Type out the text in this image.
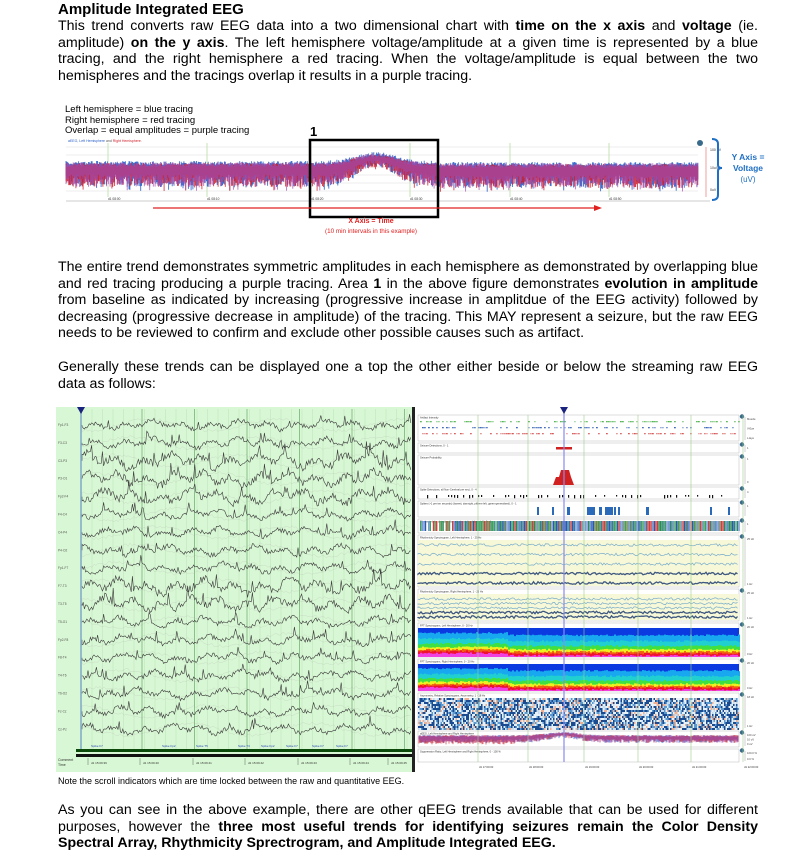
Amplitude Integrated EEG
This trend converts raw EEG data into a two dimensional chart with time on the x axis and voltage (ie. amplitude) on the y axis. The left hemisphere voltage/amplitude at a given time is represented by a blue tracing, and the right hemisphere a red tracing. When the voltage/amplitude is equal between the two hemispheres and the tracings overlap it results in a purple tracing.
Left hemisphere = blue tracing
Right hemisphere = red tracing
Overlap = equal amplitudes = purple tracing
aEEG, Left Hemisphere and Right Hemisphere.
d1 08:00	d1 08:10	d1 08:20	d1 08:30	d1 08:40	d1 08:50
1
100 uV
10uV
0uV
Y Axis =
Voltage
(uV)
X Axis = Time
(10 min intervals in this example)
The entire trend demonstrates symmetric amplitudes in each hemisphere as demonstrated by overlapping blue and red tracing producing a purple tracing. Area 1 in the above figure demonstrates evolution in amplitude from baseline as indicated by increasing (progressive increase in amplitdue of the EEG activity) followed by decreasing (progressive decrease in amplitude) of the tracing. This MAY represent a seizure, but the raw EEG needs to be reviewed to confirm and exclude other possible causes such as artifact.
Generally these trends can be displayed one a top the other either beside or below the streaming raw EEG data as follows:
Fp1-F3
F3-C3
C3-P3
P3-O1
Fp2-F4
F4-C4
C4-P4
P4-O2
Fp1-F7
F7-T3
T3-T5
T5-O1
Fp2-F8
F8-T4
T4-T6
T6-O2
Fz-Cz
Cz-Pz
Spike F7	Spike Fp2	Spike T5	Spike T3	Spike Fp2	Spike F7	Spike F7	Spike F7
Comment
Time	d1 15:09:39	d1 15:09:40	d1 15:09:41	d1 15:09:42	d1 15:09:43	d1 15:09:44	d1 15:09:45
Artifact Intensity	Muscle
V-Eye
L-Eye
Seizure Detections, 0 - 1
1
Seizure Probability	1
0
Spike Detections, all Non-Cerebral per sec), 0 - 4
4
Spikes (>1 per ten seconds) (barrett, damright, pltbern-left, garen-generalized), 0 - 1
1
1
1
Rhythmicity Spectrogram, Left Hemisphere, 1 - 25 Hz	25 Hz
1 Hz
Rhythmicity Spectrogram, Right Hemisphere, 1 - 25 Hz	25 Hz
1 Hz
FFT Spectrogram, Left Hemisphere, 0 - 20 Hz	20 Hz
0 Hz
FFT Spectrogram, Right Hemisphere, 0 - 20 Hz	20 Hz
0 Hz
Asymmetry, Relative Spectrogram, Asymmetry, 1 - 18 Hz	18 Hz
1 Hz
aEEG, Left Hemisphere and Right Hemisphere	100 uV
10 uV
0 uV
Suppression Ratio, Left Hemisphere and Right Hemisphere, 0 - 100 %	100.0 %
0.0 %
d1 17:00:00	d1 18:00:00	d1 19:00:00	d1 20:00:00	d1 21:00:00	d1 22:00:00
Note the scroll indicators which are time locked between the raw and quantitative EEG.
As you can see in the above example, there are other qEEG trends available that can be used for different purposes, however the three most useful trends for identifying seizures remain the Color Density Spectral Array, Rhythmicity Sprectrogram, and Amplitude Integrated EEG.
